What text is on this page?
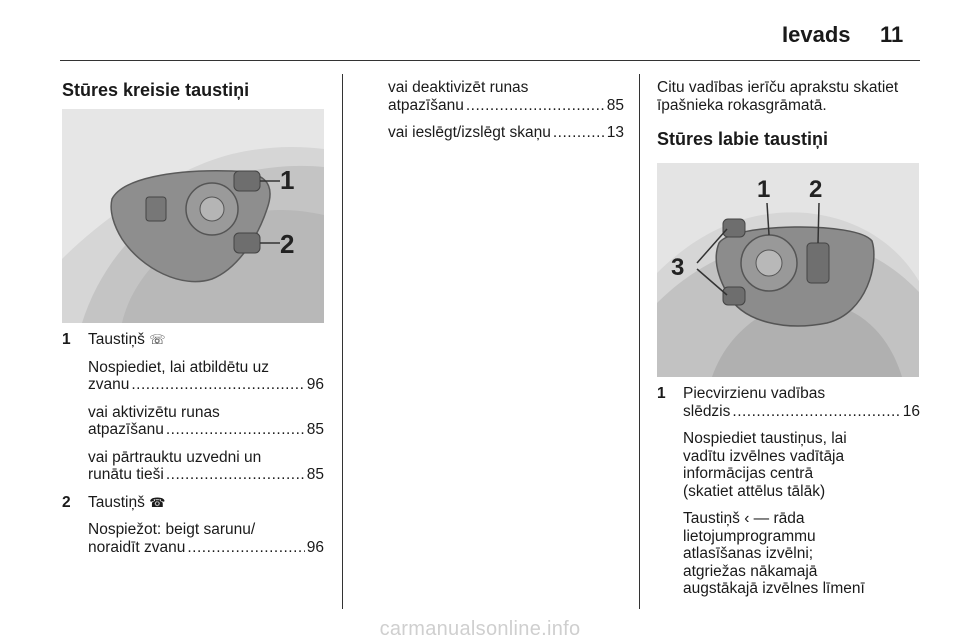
Ievads 11
Stūres kreisie taustiņi
1
2
1 Taustiņš ☏

Nospiediet, lai atbildētu uz

zvanu .....	96

vai aktivizētu runas

atpazīšanu .....	85

vai pārtrauktu uzvedni un

runātu tieši .....	85
2 Taustiņš ☎

Nospiežot: beigt sarunu/

noraidīt zvanu .....	96

vai deaktivizēt runas

atpazīšanu .....	85
vai ieslēgt/izslēgt skaņu .....	13

Citu vadības ierīču aprakstu skatiet

īpašnieka rokasgrāmatā.

Stūres labie taustiņi
1 2
3
1 Piecvirzienu vadības

slēdzis .....	16

Nospiediet taustiņus, lai

vadītu izvēlnes vadītāja

informācijas centrā

(skatiet attēlus tālāk)

Taustiņš ‹ — rāda

lietojumprogrammu

atlasīšanas izvēlni;

atgriežas nākamajā

augstākajā izvēlnes līmenī

carmanualsonline.info
